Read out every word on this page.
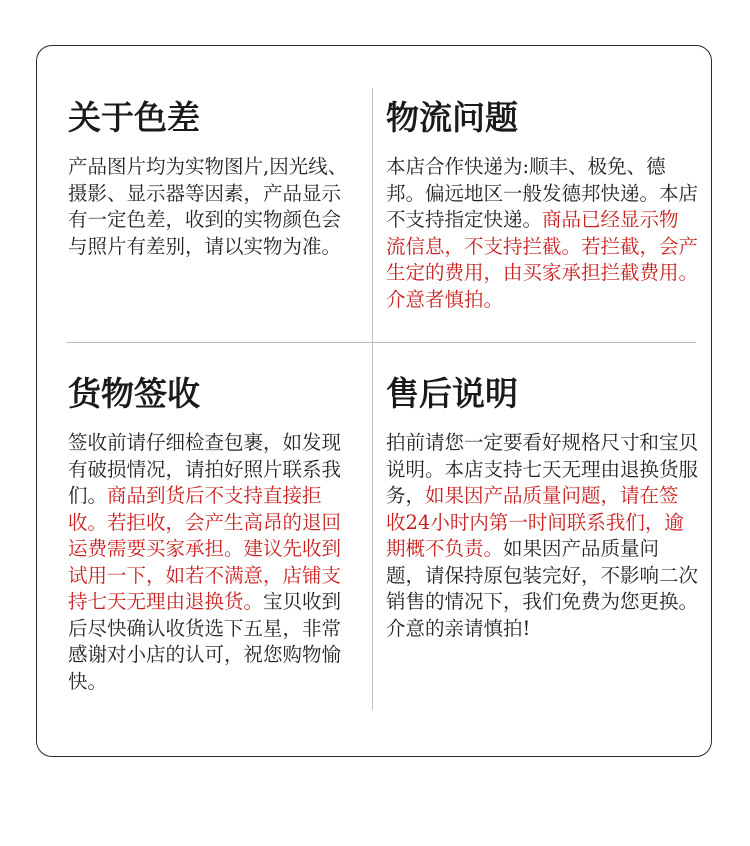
关于色差

产品图片均为实物图片,因光线、摄影、显示器等因素，产品显示有一定色差，收到的实物颜色会与照片有差别，请以实物为准。

物流问题

本店合作快递为:顺丰、极免、德邦。偏远地区一般发德邦快递。本店不支持指定快递。商品已经显示物流信息，不支持拦截。若拦截，会产生定的费用，由买家承担拦截费用。介意者慎拍。

货物签收

签收前请仔细检查包裹，如发现有破损情况，请拍好照片联系我们。商品到货后不支持直接拒收。若拒收，会产生高昂的退回运费需要买家承担。建议先收到试用一下，如若不满意，店铺支持七天无理由退换货。宝贝收到后尽快确认收货选下五星，非常感谢对小店的认可，祝您购物愉快。

售后说明

拍前请您一定要看好规格尺寸和宝贝说明。本店支持七天无理由退换货服务，如果因产品质量问题，请在签收24小时内第一时间联系我们，逾期概不负责。如果因产品质量问题，请保持原包装完好，不影响二次销售的情况下，我们免费为您更换。介意的亲请慎拍!
